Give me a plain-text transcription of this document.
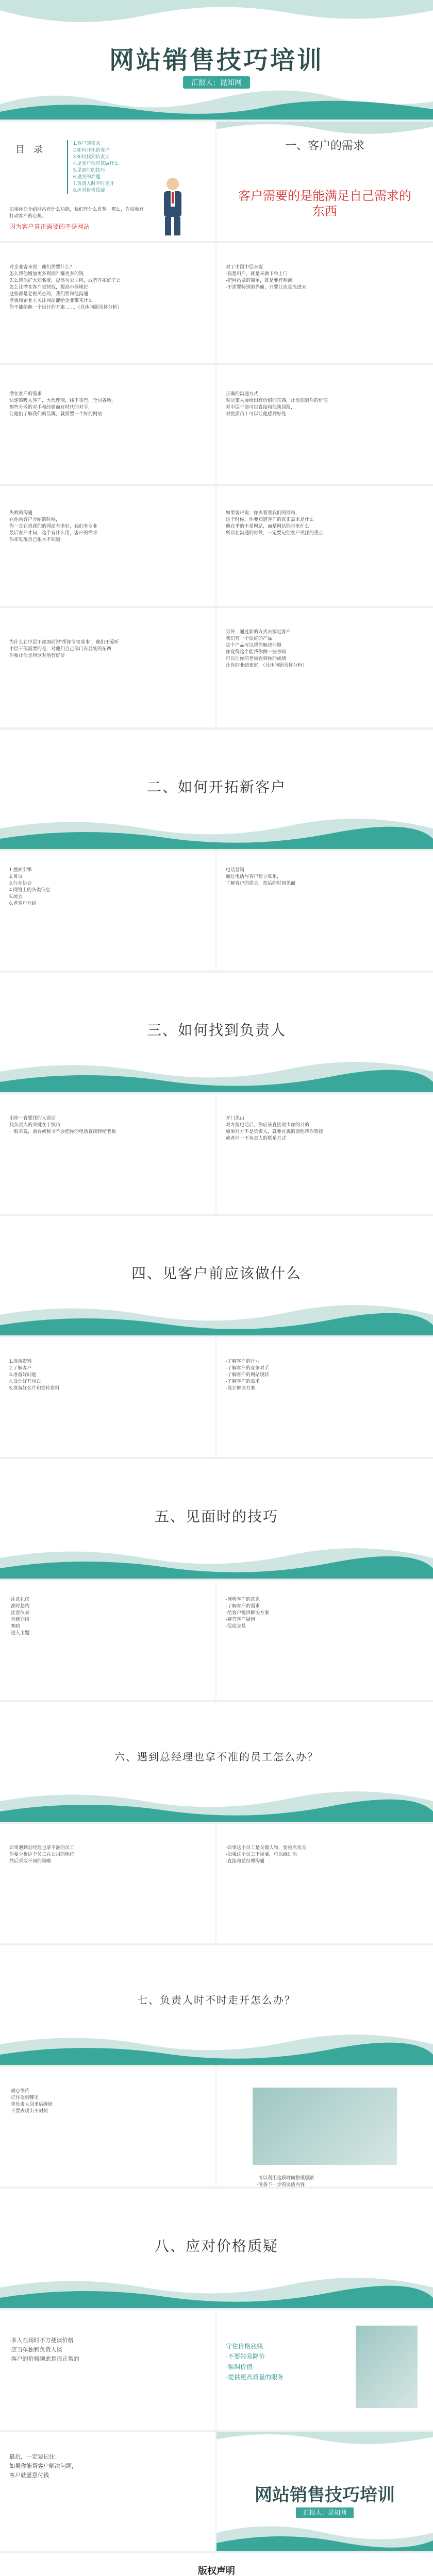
网站销售技巧培训
汇报人：昆知网
目 录
1.客户的需求
2.如何开拓新客户
3.如何找到负责人
4.见客户前应该做什么
5.见面时的技巧
6.遇到的难题
7.负责人时不时走开
8.应对价格质疑
如果你只介绍网站有什么功能，我们有什么优势。那么，你很难有打动客户的心机。
因为客户真正需要的不是网站
一、客户的需求
客户需要的是能满足自己需求的东西
对企业客来说，他们需要什么？
怎么帮他增加更多利润？赚更多的钱
怎么帮他扩大知名度，提高与公司同，或者开拓好了公
怎么让潜在客户更快找，提高市场地位
这些都是老板关心的，我们要和他沟通
老板和企业主关注网站能给企业带来什么
你不能给他一个设计的方案 ……（具体问题具体分析）
对于中国中层来说
·我想用户，就是来做下单上门
·把网站做的简单，就是要有利润
·不需要特别的界面，只要让流量流进来
潜在客户的需求
快速的吸入客户，大代理商，线下零售，全国各地，
那些分散的对手和经销商有时代的对手，
让他们了解我们的品牌，就需要一个好的网站
正确的沟通方式
对决策人要给出有价值的东西，让他知道你的价值
对中层干部可以直接和他谈回报，
对优质员工可以让他感到好处
失败的沟通
在你向客户介绍的时候，
你一直在说我们的网站有多好，我们多专业
最后客户才问，这个有什么用，客户的需求
你却发现自己根本不知道
如果客户说：你去看看我们的网站，
这个时候，你要知道客户的真正需求是什么
他在乎的不是网站，而是网站能带来什么
所以在沟通的时候，一定要记住客户关注的重点
为什么在中层干部面前说“帮你节省成本”，他们不爱听
中层干部需要的是，对他们自己部门有益处的东西
你要让他觉得这对他有好处
另外，通过新的方式去接近客户
我们有一个很好的产品
这个产品可以帮你解决问题
你觉得这个能帮你做一些事吗
可以让你的老板看到你的成绩
让你的业绩更好，（具体问题具体分析）
二、如何开拓新客户
1.搜索引擎
2.黄页
3.行业协会
4.网络上的各类信息
5.展会
6.老客户介绍
电话营销
通过电话与客户建立联系，
了解客户的需求，然后约时间见面
三、如何找到负责人
用你一直要找的人说话
找负责人的关键在于技巧
一般来说，前台或秘书不会把你的电话直接转给老板
开门见山
对方接电话后，你应该直接说出你的目的
如果对方不是负责人，就要礼貌的请他帮你转接
或者问一下负责人的联系方式
四、见客户前应该做什么
1.准备资料
2.了解客户
3.准备好问题
4.设计好开场白
5.准备好名片和宣传资料
·了解客户的行业
·了解客户的竞争对手
·了解客户的网站现状
·了解客户的需求
·设计解决方案
五、见面时的技巧
·注意礼仪
·准时赴约
·注意仪表
·自我介绍
·寒暄
·进入主题
·倾听客户的意见
·了解客户的需求
·给客户提供解决方案
·解答客户疑问
·促成交易
六、遇到总经理也拿不准的员工怎么办？
如果遇到总经理也拿不准的员工
你要分析这个员工在公司的地位
然后采取不同的策略
·如果这个员工是关键人物，要重点攻关
·如果这个员工不重要，可以绕过他
·直接和总经理沟通
七、负责人时不时走开怎么办？
·耐心等待
·记住谈到哪里
·等负责人回来后继续
·不要表现出不耐烦
·可以利用这段时间整理思路
·准备下一步的谈话内容
八、应对价格质疑
·多人在场时不方便谈价格
·应当单独和负责人谈
·客户的价格顾虑是很正常的
守住价格底线
·不要轻易降价
·强调价值
·提供更高质量的服务
最后，一定要记住：
如果你能帮客户解决问题，
客户就愿意付钱
网站销售技巧培训
汇报人：昆知网
版权声明
